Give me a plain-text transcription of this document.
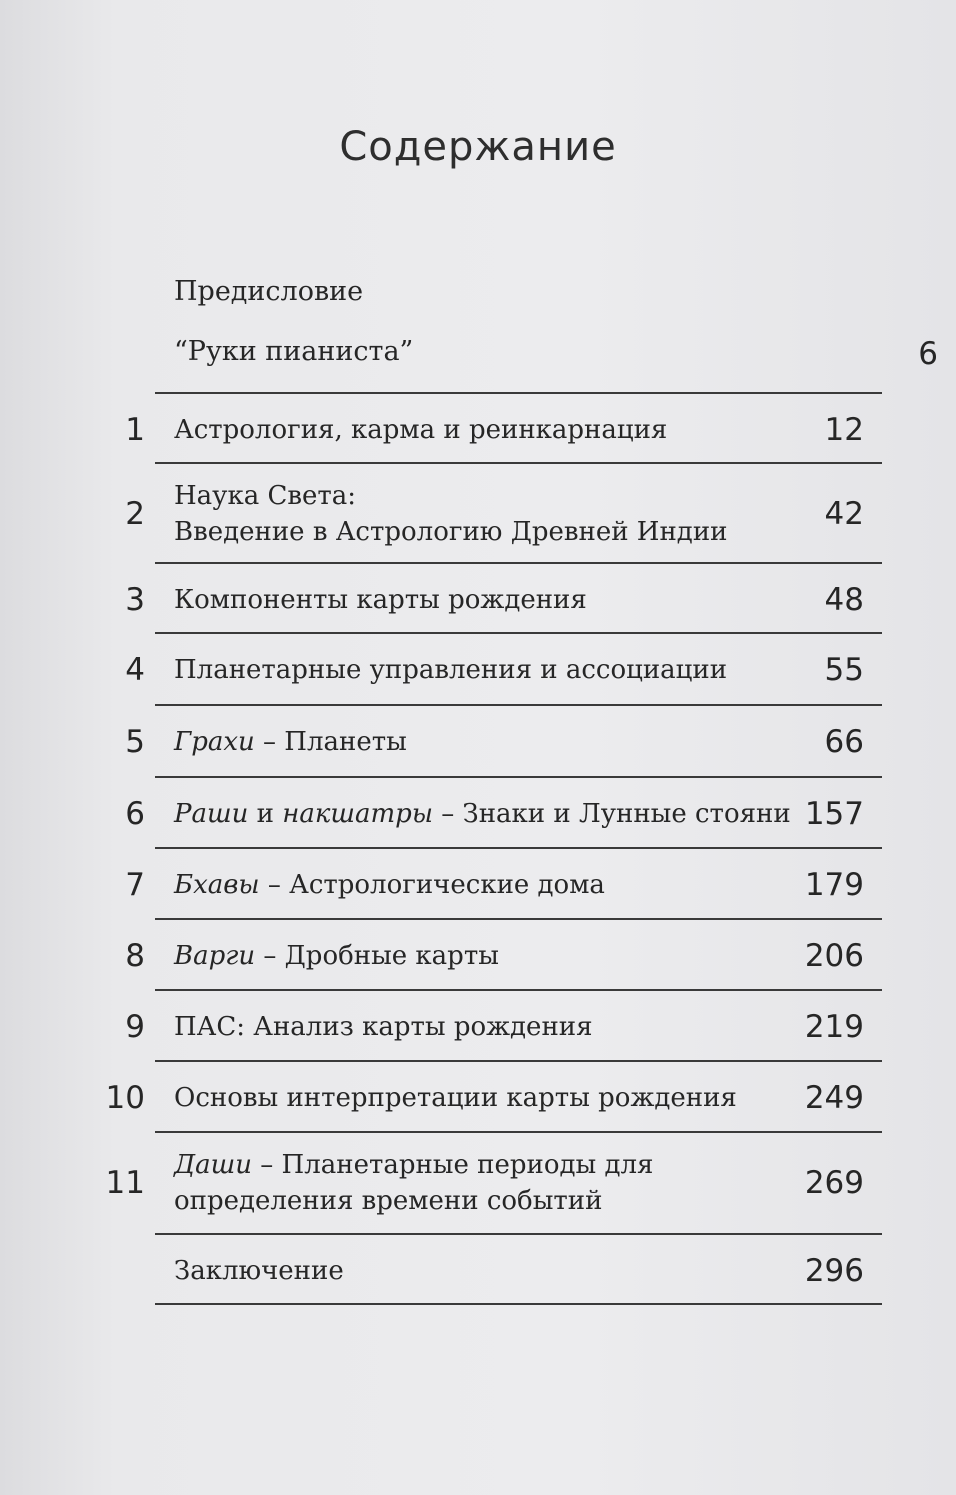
Содержание
Предисловие
“Руки пианиста”	6
1 Астрология, карма и реинкарнация	12
2 Наука Света:
Введение в Астрологию Древней Индии	42
3 Компоненты карты рождения	48
4 Планетарные управления и ассоциации	55
5 Грахи – Планеты	66
6 Раши и накшатры – Знаки и Лунные стояни 157
7 Бхавы – Астрологические дома	179
8 Варги – Дробные карты	206
9 ПАС: Анализ карты рождения	219
10 Основы интерпретации карты рождения 249
11 Даши – Планетарные периоды для
определения времени событий	269
Заключение	296
